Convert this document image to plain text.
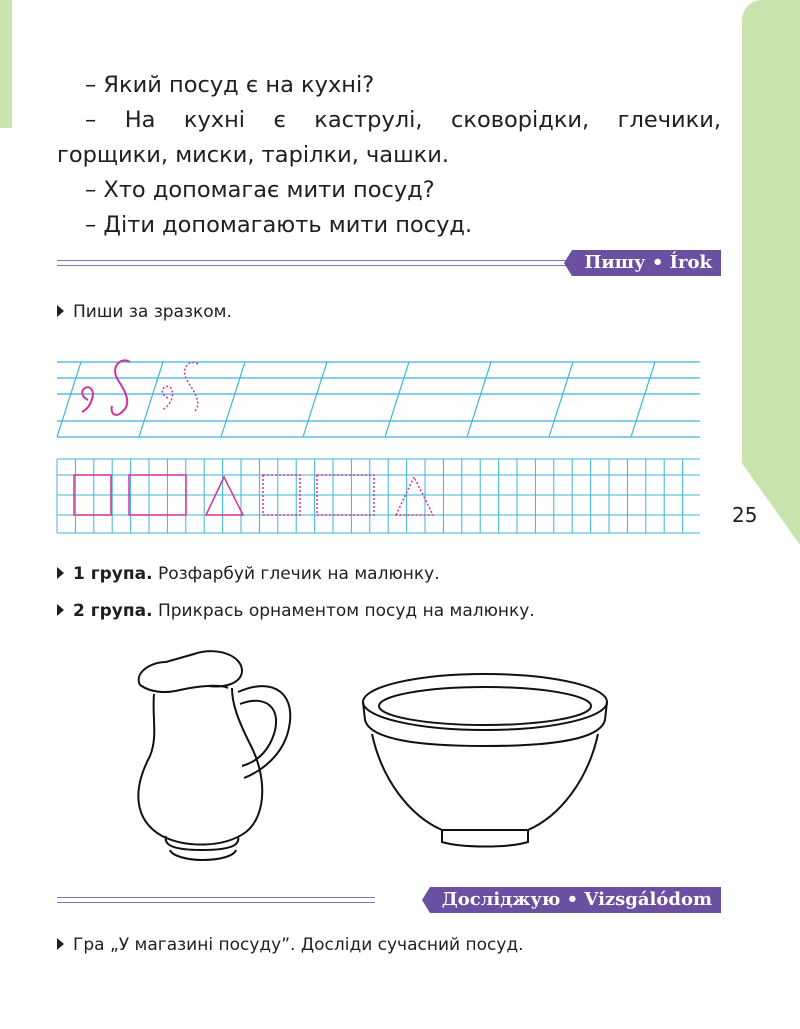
– Який посуд є на кухні?

– На кухні є каструлі, сковорідки, глечики,

горщики, миски, тарілки, чашки.

– Хто допомагає мити посуд?

– Діти допомагають мити посуд.

Пишу • Írok
Пиши за зразком.
25
1 група. Розфарбуй глечик на малюнку.
2 група. Прикрась орнаментом посуд на малюнку.
Досліджую • Vizsgálódom
Гра „У магазині посуду”. Досліди сучасний посуд.
